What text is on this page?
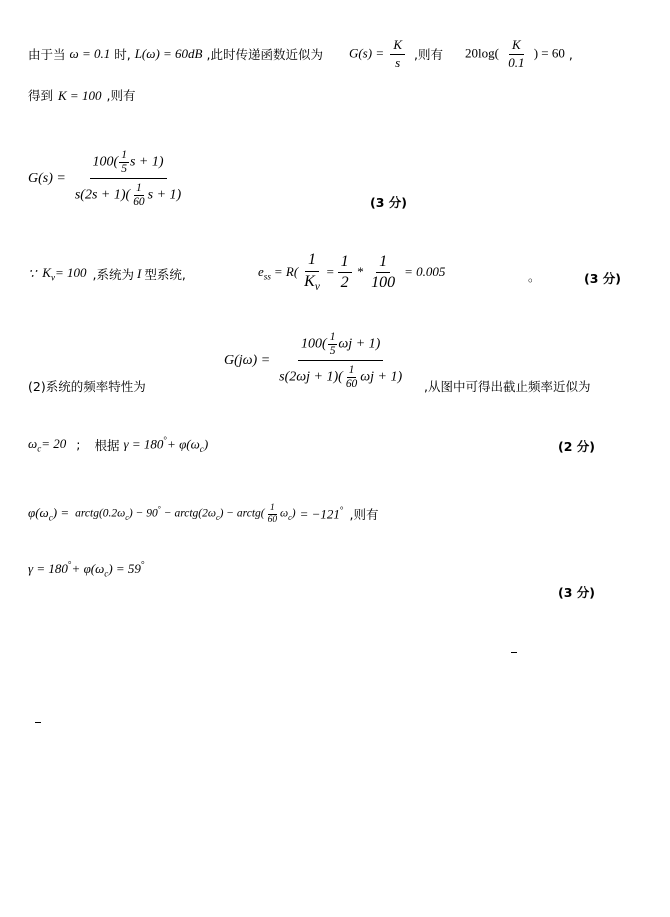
由于当 ω = 0.1 时, L(ω) = 60dB ,此时传递函数近似为 $G(s) = \frac{K}{s}$ ,则有 $20\log( \frac{K}{0.1}$ ) = 60 ,
得到 K = 100 ,则有
$G(s) = \frac{100( \frac{1}{5} s + 1)}{s(2s + 1)( \frac{1}{60} s + 1)}$	(3 分)
∵ $K_v= 100$ ,系统为 I 型系统,	$e_{ss} = R( \frac{1}{K_v} = \frac{1}{2} * \frac{1}{100} = 0.005$	。	(3 分)
$G(j\omega) = \frac{100( \frac{1}{5} \omega j + 1)}{s(2\omega j + 1)( \frac{1}{60} \omega j + 1)}$
(2)系统的频率特性为	,从图中可得出截止频率近似为
$\omega_c= 20$ ; 根据 $\gamma = 180^\circ+ \varphi(\omega_c)$	(2 分)
$\varphi(\omega_c)$ = $arctg(0.2\omega_c) - 90^\circ$ − $arctg(2\omega_c)$ − arctg( $\frac{1}{60} \omega_c) = -121^\circ$ ,则有
$\gamma = 180^\circ+ \varphi(\omega_c) = 59^\circ$
(3 分)
